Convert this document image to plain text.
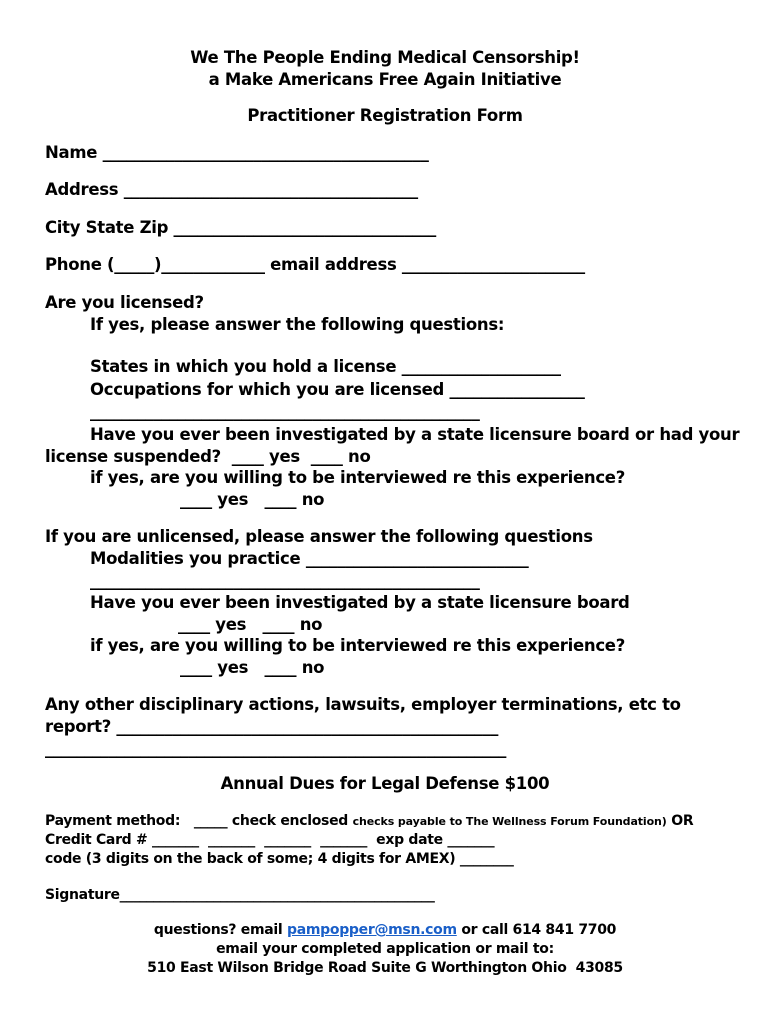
We The People Ending Medical Censorship!
a Make Americans Free Again Initiative
Practitioner Registration Form
Name _________________________________________
Address _____________________________________
City State Zip _________________________________
Phone (_____)_____________ email address _______________________
Are you licensed?
If yes, please answer the following questions:
States in which you hold a license ____________________
Occupations for which you are licensed _________________
_________________________________________________
Have you ever been investigated by a state licensure board or had your
license suspended?  ____ yes  ____ no
if yes, are you willing to be interviewed re this experience?
____ yes   ____ no
If you are unlicensed, please answer the following questions
Modalities you practice ____________________________
_________________________________________________
Have you ever been investigated by a state licensure board
____ yes   ____ no
if yes, are you willing to be interviewed re this experience?
____ yes   ____ no
Any other disciplinary actions, lawsuits, employer terminations, etc to
report? ________________________________________________
__________________________________________________________
Annual Dues for Legal Defense $100
Payment method:   _____ check enclosed checks payable to The Wellness Forum Foundation) OR
Credit Card # _______  _______  _______  _______  exp date _______
code (3 digits on the back of some; 4 digits for AMEX) ________
Signature_______________________________________________
questions? email pampopper@msn.com or call 614 841 7700
email your completed application or mail to:
510 East Wilson Bridge Road Suite G Worthington Ohio  43085
